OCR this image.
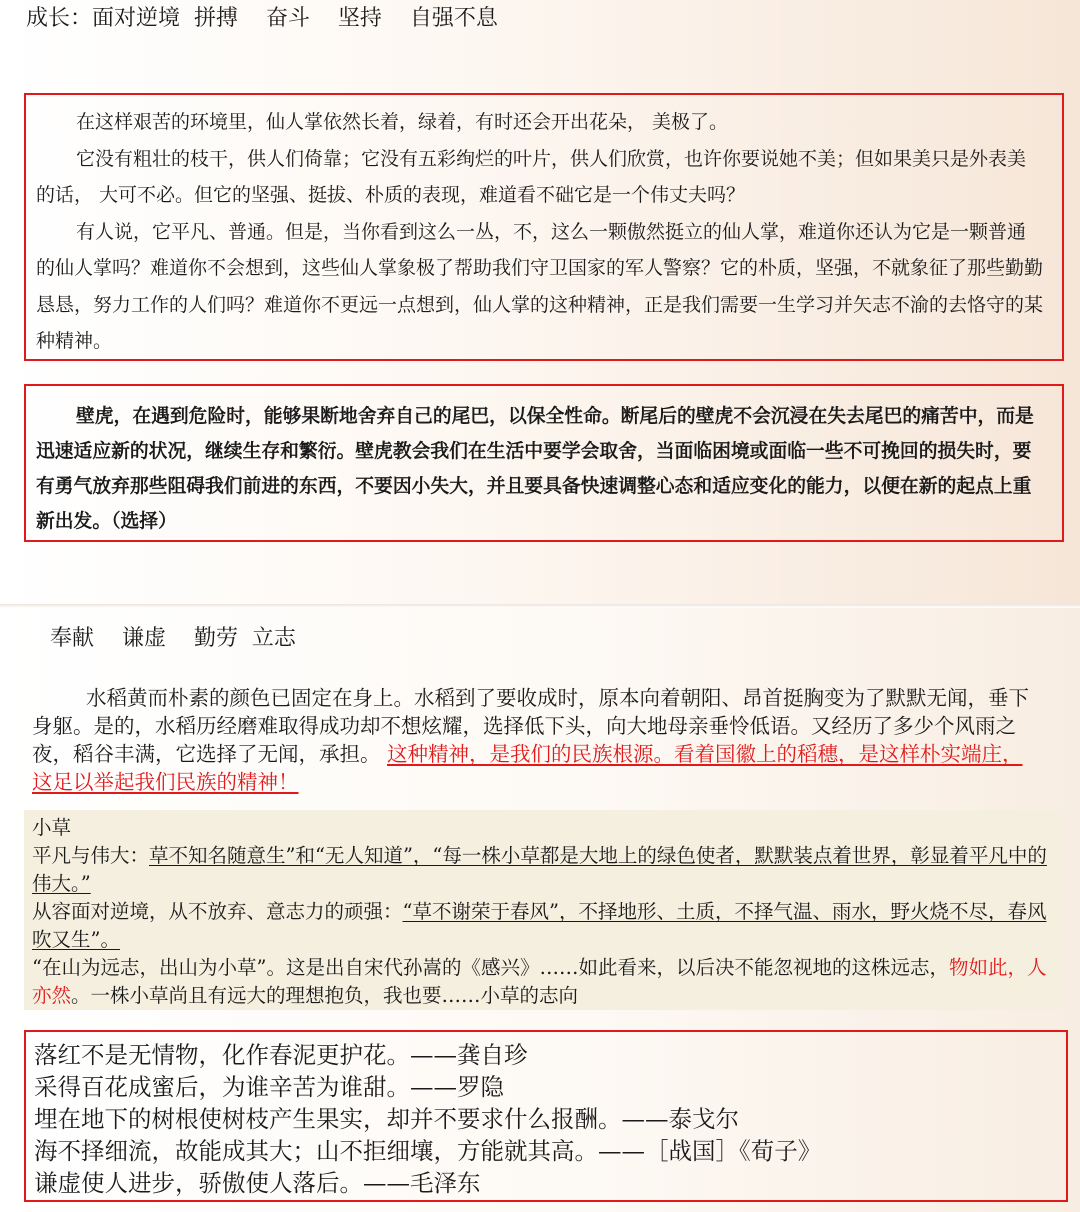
成长：面对逆境  拼搏    奋斗    坚持    自强不息

在这样艰苦的环境里，仙人掌依然长着，绿着，有时还会开出花朵， 美极了。

它没有粗壮的枝干，供人们倚靠；它没有五彩绚烂的叶片，供人们欣赏，也许你要说她不美；但如果美只是外表美的话， 大可不必。但它的坚强、挺拔、朴质的表现，难道看不础它是一个伟丈夫吗？

有人说，它平凡、普通。但是，当你看到这么一丛，不，这么一颗傲然挺立的仙人掌，难道你还认为它是一颗普通的仙人掌吗？难道你不会想到，这些仙人掌象极了帮助我们守卫国家的军人警察？它的朴质，坚强，不就象征了那些勤勤恳恳，努力工作的人们吗？难道你不更远一点想到，仙人掌的这种精神，正是我们需要一生学习并矢志不渝的去恪守的某种精神。

壁虎，在遇到危险时，能够果断地舍弃自己的尾巴，以保全性命。断尾后的壁虎不会沉浸在失去尾巴的痛苦中，而是迅速适应新的状况，继续生存和繁衍。壁虎教会我们在生活中要学会取舍，当面临困境或面临一些不可挽回的损失时，要有勇气放弃那些阻碍我们前进的东西，不要因小失大，并且要具备快速调整心态和适应变化的能力，以便在新的起点上重新出发。（选择）

奉献    谦虚    勤劳  立志
水稻黄而朴素的颜色已固定在身上。水稻到了要收成时，原本向着朝阳、昂首挺胸变为了默默无闻，垂下身躯。是的，水稻历经磨难取得成功却不想炫耀，选择低下头，向大地母亲垂怜低语。又经历了多少个风雨之夜，稻谷丰满，它选择了无闻，承担。 这种精神，是我们的民族根源。看着国徽上的稻穗，是这样朴实端庄，这足以举起我们民族的精神！
小草
平凡与伟大：草不知名随意生”和“无人知道”，“每一株小草都是大地上的绿色使者，默默装点着世界，彰显着平凡中的伟大。”
从容面对逆境，从不放弃、意志力的顽强：“草不谢荣于春风”，不择地形、土质，不择气温、雨水，野火烧不尽，春风吹又生”。
“在山为远志，出山为小草”。这是出自宋代孙嵩的《感兴》……如此看来，以后决不能忽视地的这株远志，物如此，人亦然。一株小草尚且有远大的理想抱负，我也要……小草的志向
落红不是无情物，化作春泥更护花。——龚自珍
采得百花成蜜后，为谁辛苦为谁甜。——罗隐
埋在地下的树根使树枝产生果实，却并不要求什么报酬。——泰戈尔
海不择细流，故能成其大；山不拒细壤，方能就其高。——［战国］《荀子》
谦虚使人进步，骄傲使人落后。——毛泽东
